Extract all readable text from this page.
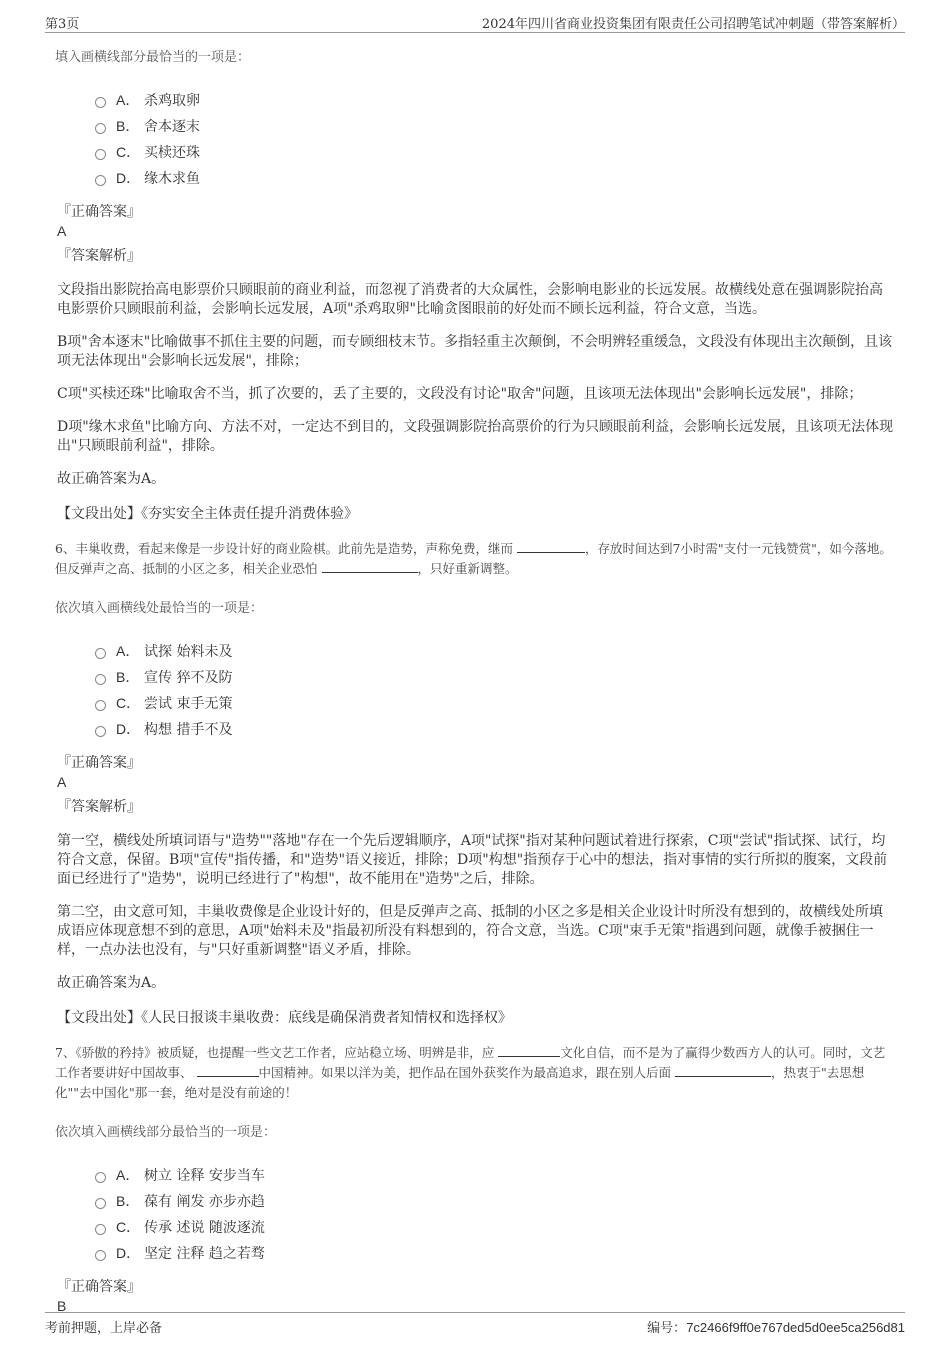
第3页	2024年四川省商业投资集团有限责任公司招聘笔试冲刺题（带答案解析）
填入画横线部分最恰当的一项是：
A． 杀鸡取卵
B． 舍本逐末
C． 买椟还珠
D． 缘木求鱼
『正确答案』
A
『答案解析』

文段指出影院抬高电影票价只顾眼前的商业利益，而忽视了消费者的大众属性，会影响电影业的长远发展。故横线处意在强调影院抬高电影票价只顾眼前利益，会影响长远发展，A项"杀鸡取卵"比喻贪图眼前的好处而不顾长远利益，符合文意，当选。

B项"舍本逐末"比喻做事不抓住主要的问题，而专顾细枝末节。多指轻重主次颠倒，不会明辨轻重缓急，文段没有体现出主次颠倒，且该项无法体现出"会影响长远发展"，排除；

C项"买椟还珠"比喻取舍不当，抓了次要的，丢了主要的，文段没有讨论"取舍"问题，且该项无法体现出"会影响长远发展"，排除；

D项"缘木求鱼"比喻方向、方法不对，一定达不到目的，文段强调影院抬高票价的行为只顾眼前利益，会影响长远发展，且该项无法体现出"只顾眼前利益"，排除。

故正确答案为A。

【文段出处】《夯实安全主体责任提升消费体验》
6、丰巢收费，看起来像是一步设计好的商业险棋。此前先是造势，声称免费，继而	，存放时间达到7小时需"支付一元钱赞赏"，如今落地。但反弹声之高、抵制的小区之多，相关企业恐怕	，只好重新调整。
依次填入画横线处最恰当的一项是：
A． 试探 始料未及
B． 宣传 猝不及防
C． 尝试 束手无策
D． 构想 措手不及
『正确答案』
A
『答案解析』

第一空，横线处所填词语与"造势""落地"存在一个先后逻辑顺序，A项"试探"指对某种问题试着进行探索，C项"尝试"指试探、试行，均符合文意，保留。B项"宣传"指传播，和"造势"语义接近，排除；D项"构想"指预存于心中的想法，指对事情的实行所拟的腹案，文段前面已经进行了"造势"，说明已经进行了"构想"，故不能用在"造势"之后，排除。

第二空，由文意可知，丰巢收费像是企业设计好的，但是反弹声之高、抵制的小区之多是相关企业设计时所没有想到的，故横线处所填成语应体现意想不到的意思，A项"始料未及"指最初所没有料想到的，符合文意，当选。C项"束手无策"指遇到问题，就像手被捆住一样，一点办法也没有，与"只好重新调整"语义矛盾，排除。

故正确答案为A。

【文段出处】《人民日报谈丰巢收费：底线是确保消费者知情权和选择权》
7、《骄傲的矜持》被质疑，也提醒一些文艺工作者，应站稳立场、明辨是非，应	文化自信，而不是为了赢得少数西方人的认可。同时，文艺工作者要讲好中国故事、	中国精神。如果以洋为美，把作品在国外获奖作为最高追求，跟在别人后面	，热衷于"去思想化""去中国化"那一套，绝对是没有前途的！
依次填入画横线部分最恰当的一项是：
A． 树立 诠释 安步当车
B． 葆有 阐发 亦步亦趋
C． 传承 述说 随波逐流
D． 坚定 注释 趋之若骛
『正确答案』
B
考前押题，上岸必备	编号：7c2466f9ff0e767ded5d0ee5ca256d81
